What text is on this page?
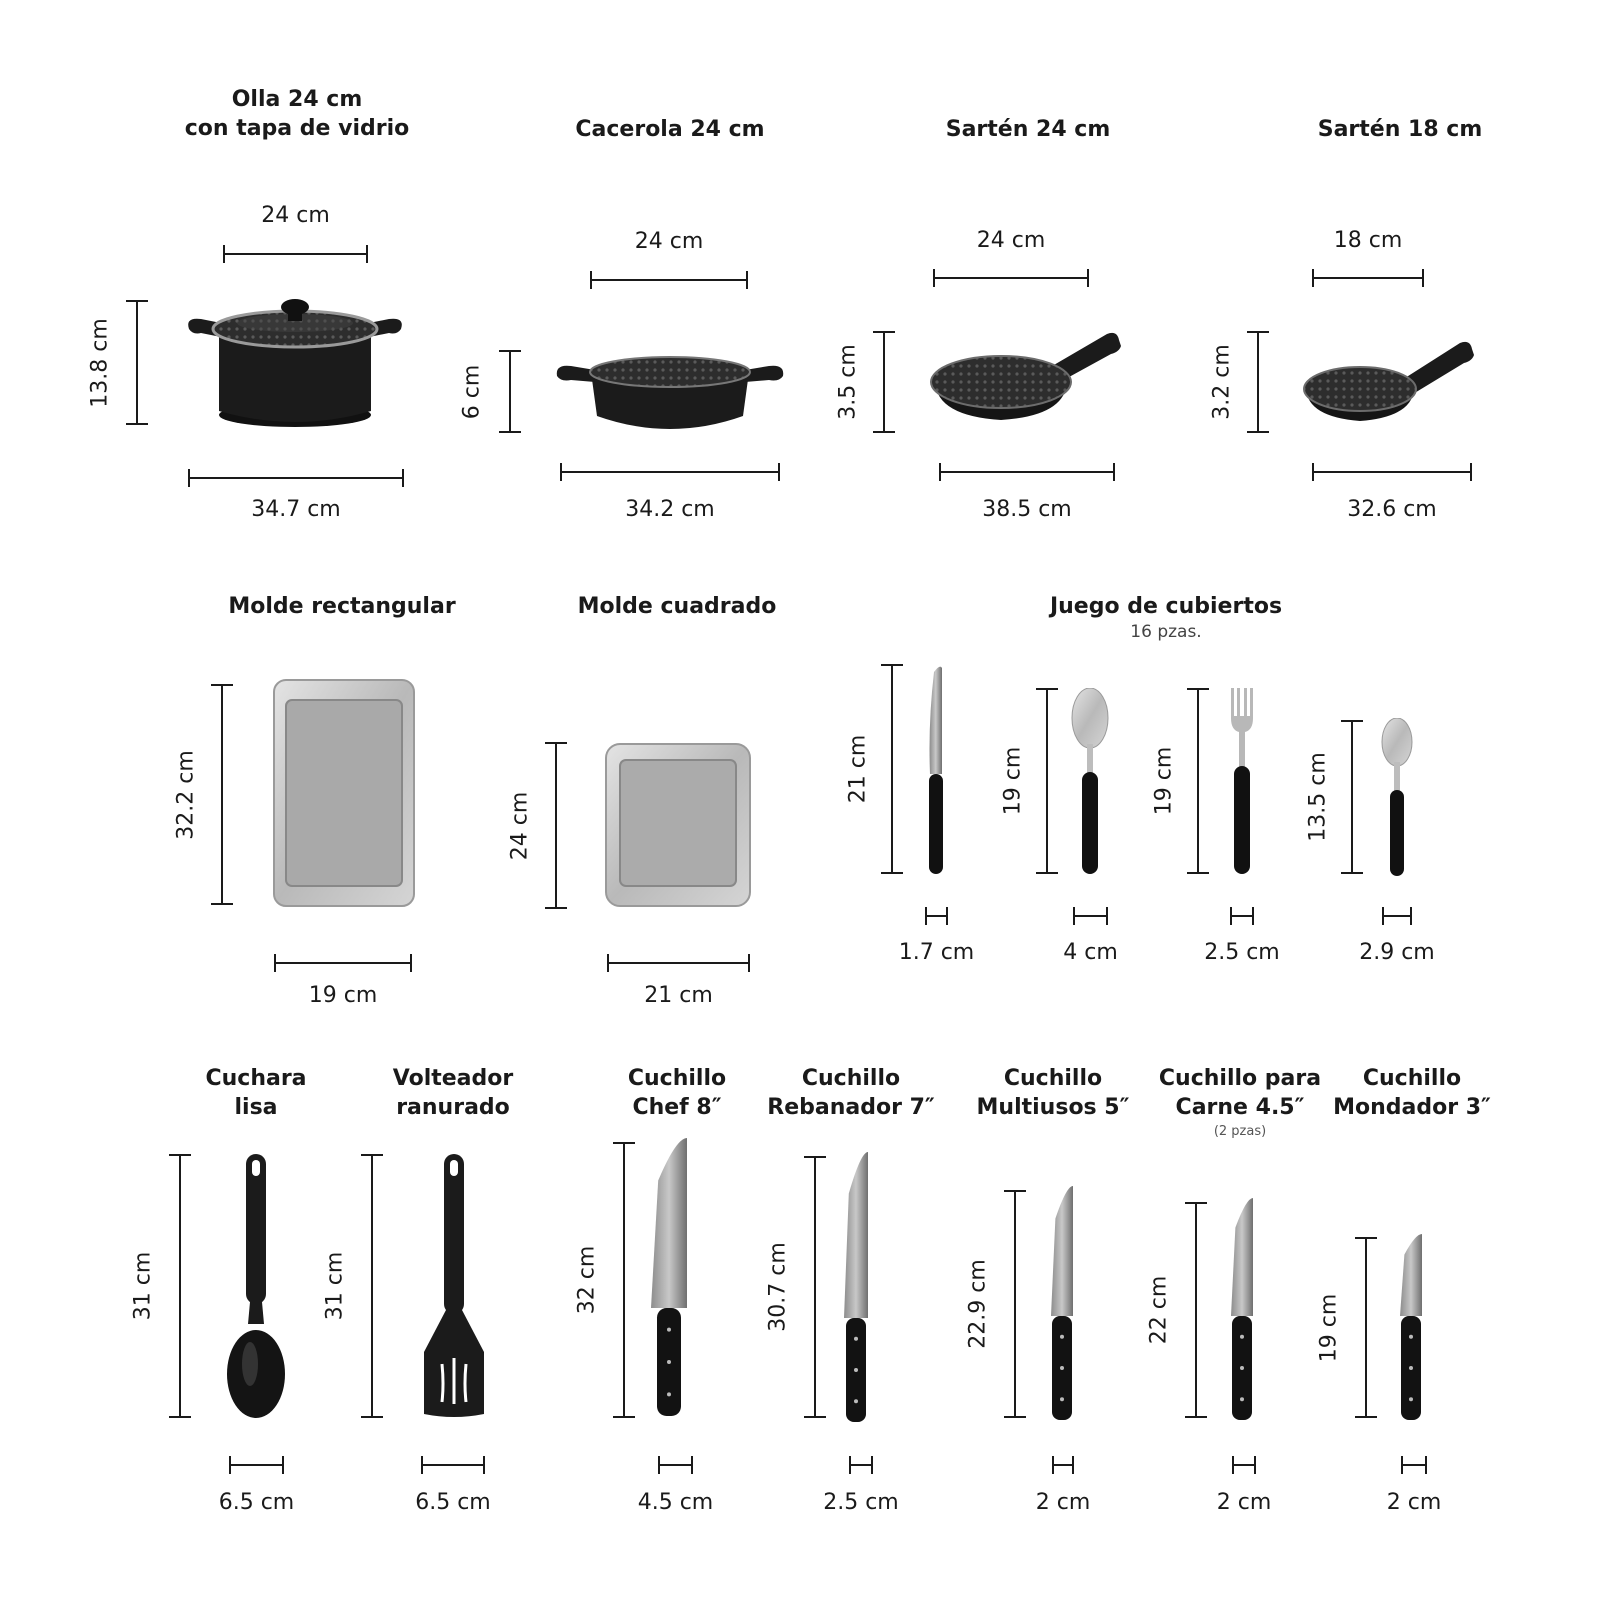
Olla 24 cm
con tapa de vidrio
24 cm
13.8 cm
34.7 cm
Cacerola 24 cm
24 cm
6 cm
34.2 cm
Sartén 24 cm
24 cm
3.5 cm
38.5 cm
Sartén 18 cm
18 cm
3.2 cm
32.6 cm
Molde rectangular
32.2 cm
19 cm
Molde cuadrado
24 cm
21 cm
Juego de cubiertos
16 pzas.
21 cm
1.7 cm
19 cm
4 cm
19 cm
2.5 cm
13.5 cm
2.9 cm
Cuchara
lisa
31 cm
6.5 cm
Volteador
ranurado
31 cm
6.5 cm
Cuchillo
Chef 8″
32 cm
4.5 cm
Cuchillo
Rebanador 7″
30.7 cm
2.5 cm
Cuchillo
Multiusos 5″
22.9 cm
2 cm
Cuchillo para
Carne 4.5″
(2 pzas)
22 cm
2 cm
Cuchillo
Mondador 3″
19 cm
2 cm
